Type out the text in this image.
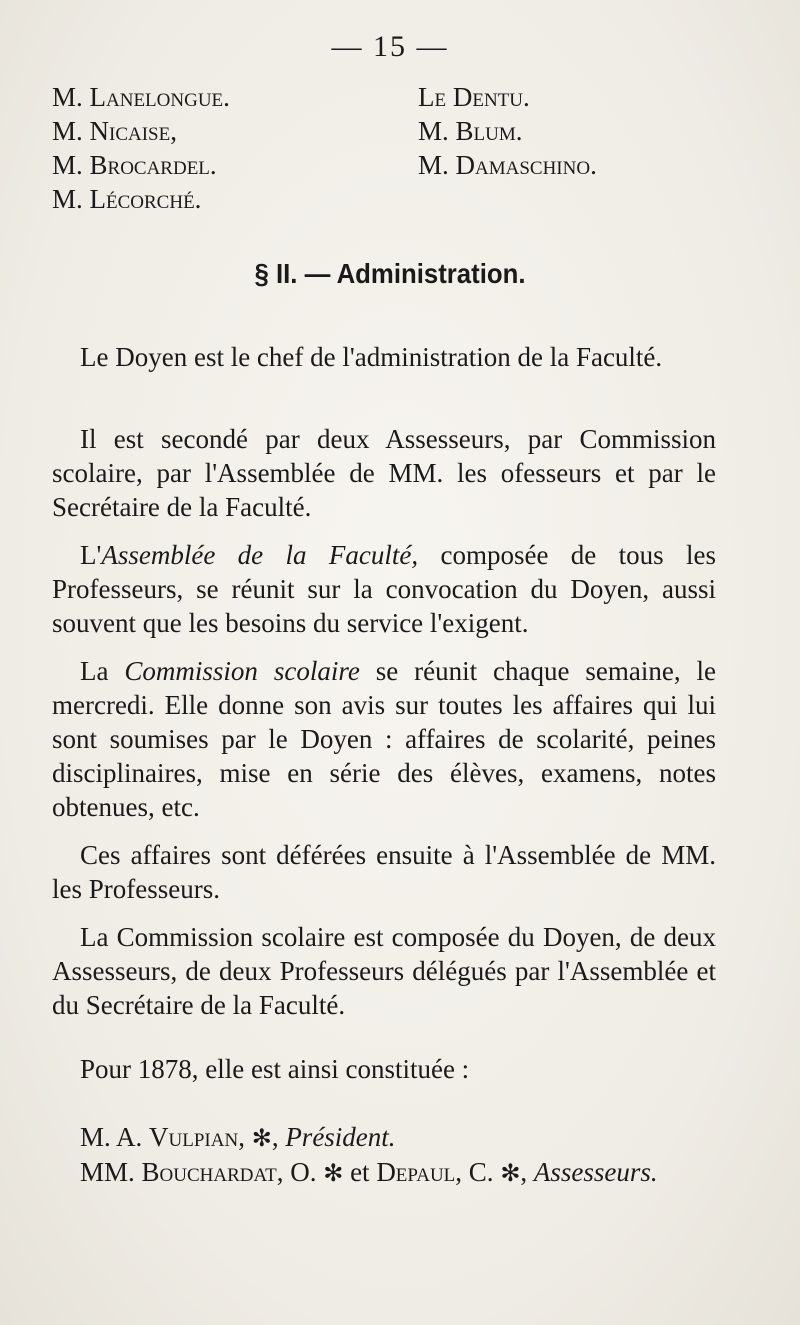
— 15 —
M. Lanelongue.
M. Nicaise,
M. Brocardel.
M. Lécorché.
Le Dentu.
M. Blum.
M. Damaschino.
§ II. — Administration.

Le Doyen est le chef de l'administration de la Faculté.

Il est secondé par deux Assesseurs, par Commission scolaire, par l'Assemblée de MM. les ofesseurs et par le Secrétaire de la Faculté.

L'Assemblée de la Faculté, composée de tous les Professeurs, se réunit sur la convocation du Doyen, aussi souvent que les besoins du service l'exigent.

La Commission scolaire se réunit chaque semaine, le mercredi. Elle donne son avis sur toutes les affaires qui lui sont soumises par le Doyen : affaires de scolarité, peines disciplinaires, mise en série des élèves, examens, notes obtenues, etc.

Ces affaires sont déférées ensuite à l'Assemblée de MM. les Professeurs.

La Commission scolaire est composée du Doyen, de deux Assesseurs, de deux Professeurs délégués par l'Assemblée et du Secrétaire de la Faculté.

Pour 1878, elle est ainsi constituée :

M. A. Vulpian, ✻, Président.

MM. Bouchardat, O. ✻ et Depaul, C. ✻, Assesseurs.
